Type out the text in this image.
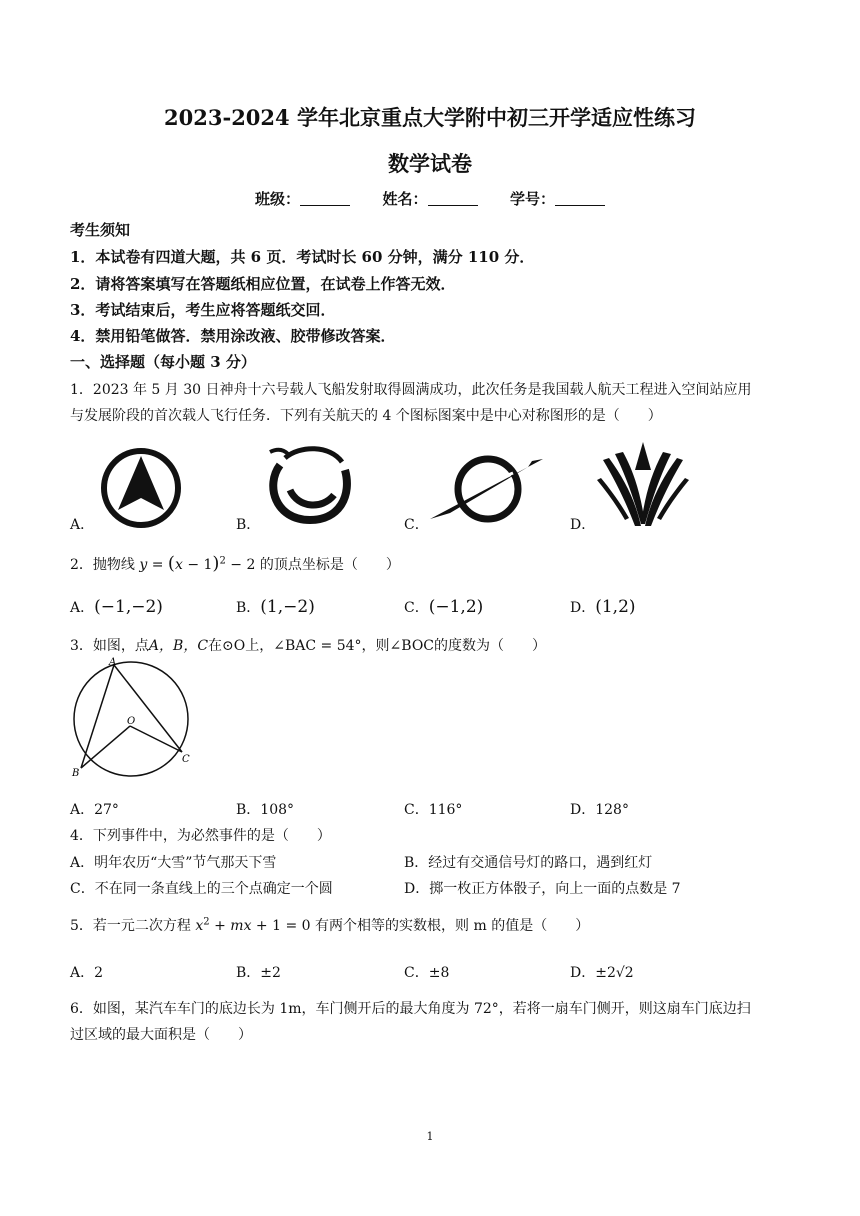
2023-2024 学年北京重点大学附中初三开学适应性练习
数学试卷
班级：	姓名：	学号：
考生须知
1．本试卷有四道大题，共 6 页．考试时长 60 分钟，满分 110 分．
2．请将答案填写在答题纸相应位置，在试卷上作答无效．
3．考试结束后，考生应将答题纸交回．
4．禁用铅笔做答．禁用涂改液、胶带修改答案．
一、选择题（每小题 3 分）
1．2023 年 5 月 30 日神舟十六号载人飞船发射取得圆满成功，此次任务是我国载人航天工程进入空间站应用
与发展阶段的首次载人飞行任务．下列有关航天的 4 个图标图案中是中心对称图形的是（　　）
A．	B．	C．	D．
2．抛物线 $y = (x - 1)^2 - 2$ 的顶点坐标是（　　）
A．(−1,−2)	B．(1,−2)	C．(−1,2)	D．(1,2)
3．如图，点A，B，C在⊙O上，∠BAC = 54°，则∠BOC的度数为（　　）
A
B
C
O
A．27°	B．108°	C．116°	D．128°
4．下列事件中，为必然事件的是（　　）
A．明年农历“大雪”节气那天下雪	B．经过有交通信号灯的路口，遇到红灯
C．不在同一条直线上的三个点确定一个圆	D．掷一枚正方体骰子，向上一面的点数是 7
5．若一元二次方程 $x^2$ + mx + 1 = 0 有两个相等的实数根，则 m 的值是（　　）
A．2	B．±2	C．±8	D．±2√2
6．如图，某汽车车门的底边长为 1m，车门侧开后的最大角度为 72°，若将一扇车门侧开，则这扇车门底边扫
过区域的最大面积是（　　）
1
